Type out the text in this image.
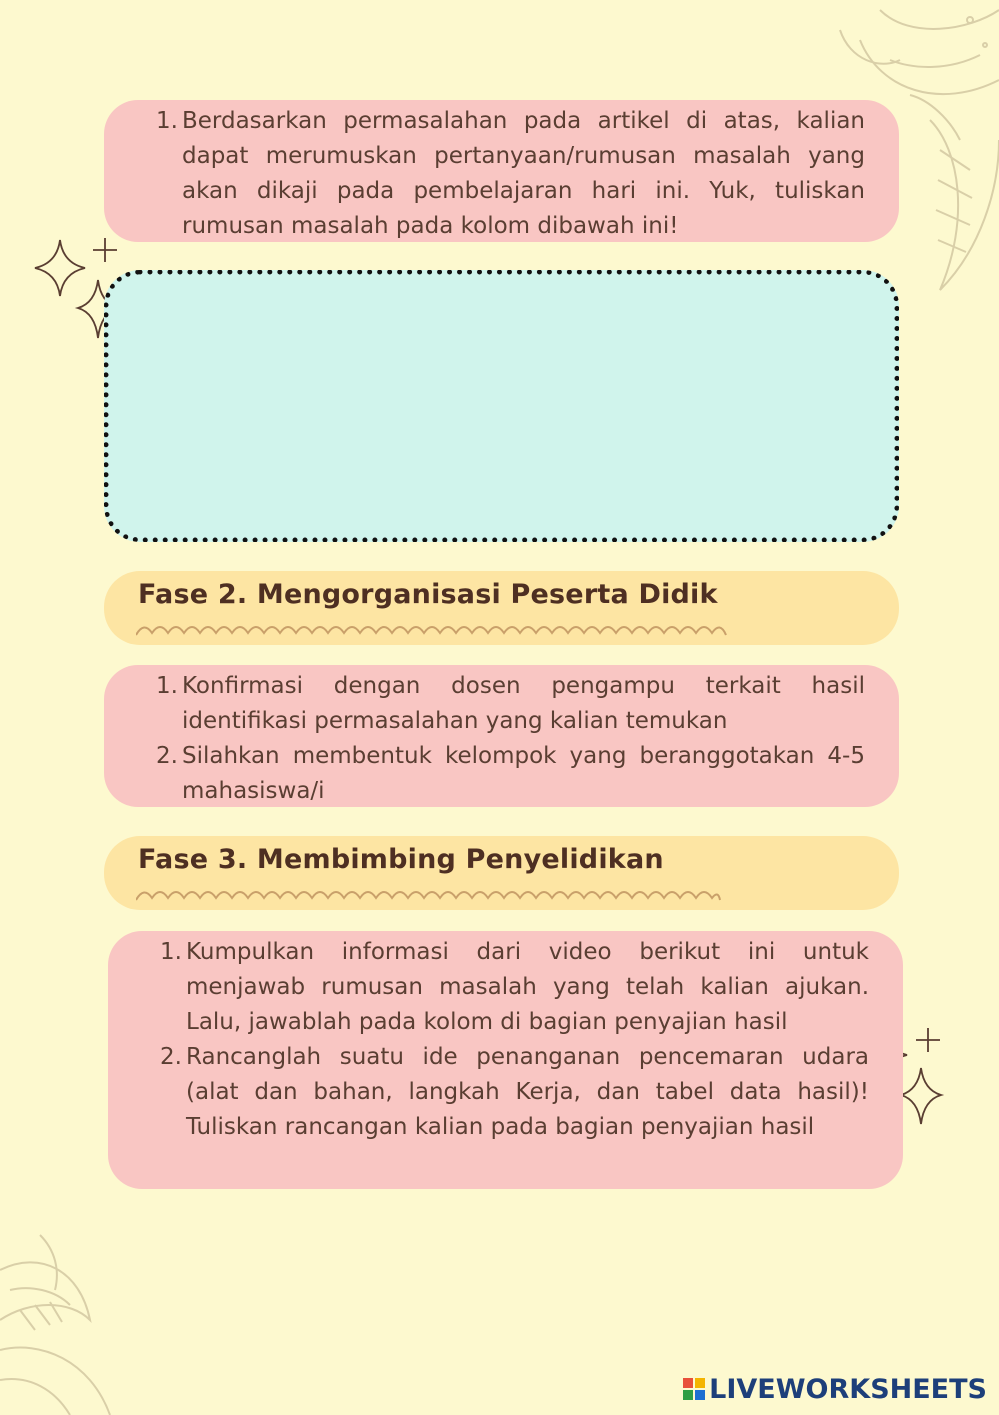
Berdasarkan permasalahan pada artikel di atas, kalian dapat merumuskan pertanyaan/rumusan masalah yang akan dikaji pada pembelajaran hari ini. Yuk, tuliskan rumusan masalah pada kolom dibawah ini!
Fase 2. Mengorganisasi Peserta Didik
Konfirmasi dengan dosen pengampu terkait hasil identifikasi permasalahan yang kalian temukan
Silahkan membentuk kelompok yang beranggotakan 4-5 mahasiswa/i
Fase 3. Membimbing Penyelidikan
Kumpulkan informasi dari video berikut ini untuk menjawab rumusan masalah yang telah kalian ajukan. Lalu, jawablah pada kolom di bagian penyajian hasil
Rancanglah suatu ide penanganan pencemaran udara (alat dan bahan, langkah Kerja, dan tabel data hasil)! Tuliskan rancangan kalian pada bagian penyajian hasil
LIVEWORKSHEETS
